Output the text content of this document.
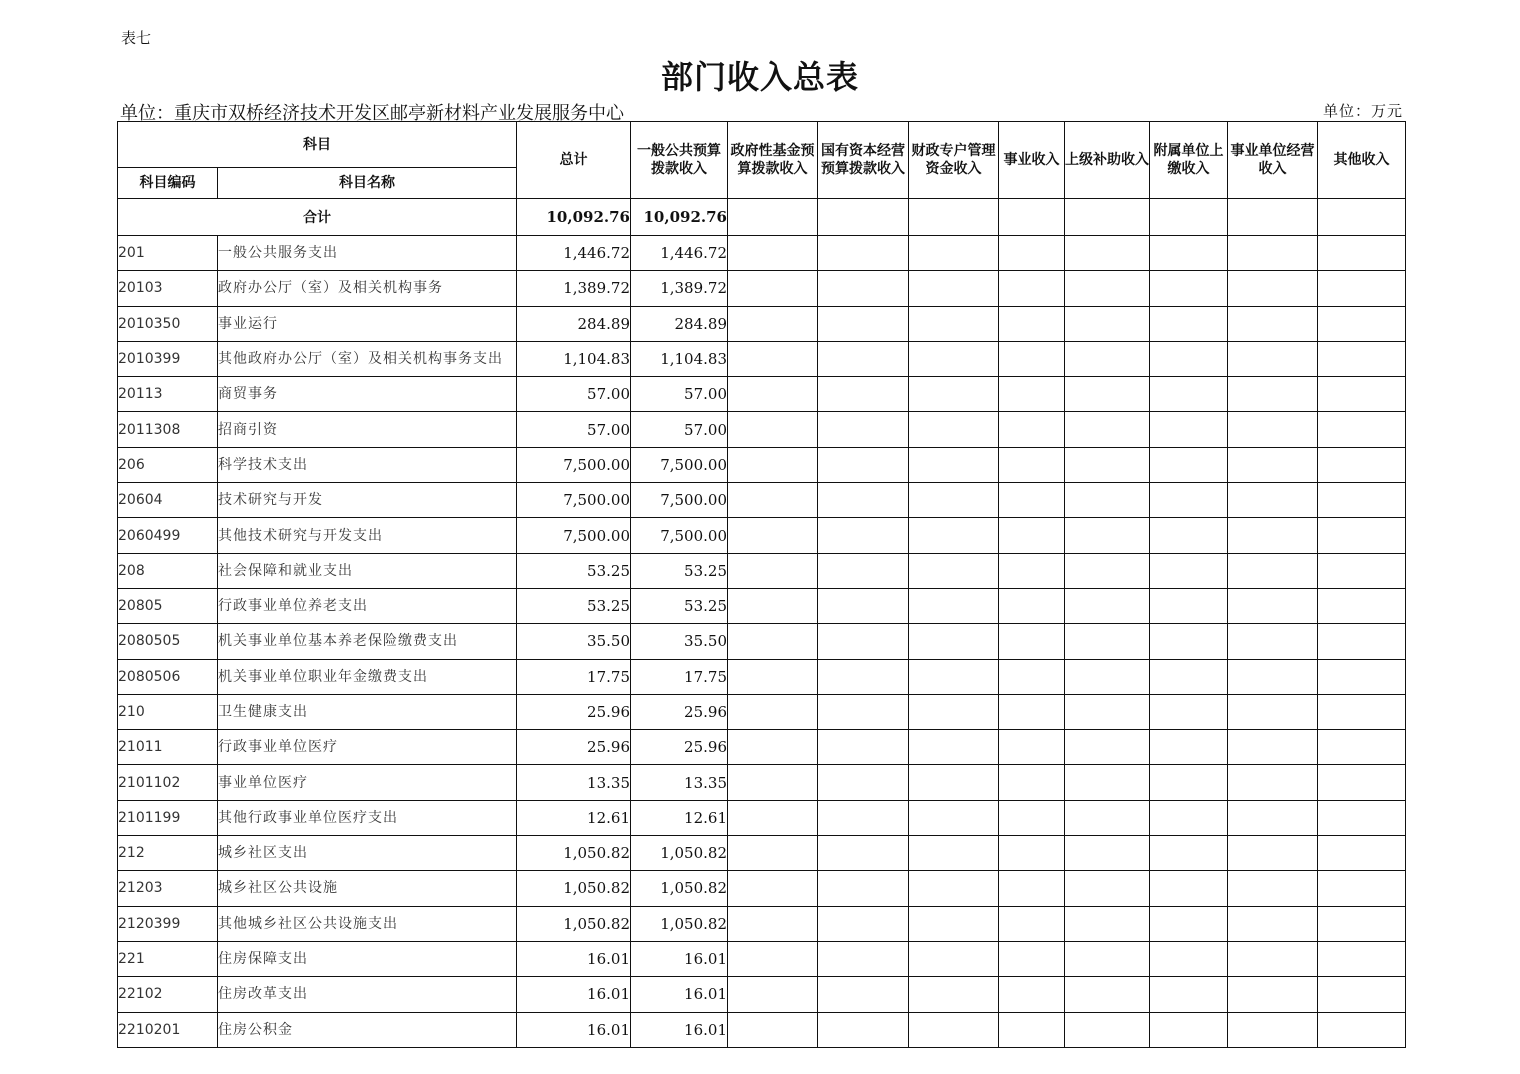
表七
部门收入总表
单位：重庆市双桥经济技术开发区邮亭新材料产业发展服务中心	单位：万元
科目		总计	一般公共预算拨款收入	政府性基金预算拨款收入	国有资本经营预算拨款收入	财政专户管理资金收入	事业收入	上级补助收入	附属单位上缴收入	事业单位经营收入	其他收入
科目编码	科目名称										
合计		10,092.76	10,092.76								
201	一般公共服务支出	1,446.72	1,446.72								
20103	政府办公厅（室）及相关机构事务	1,389.72	1,389.72								
2010350	事业运行	284.89	284.89								
2010399	其他政府办公厅（室）及相关机构事务支出	1,104.83	1,104.83								
20113	商贸事务	57.00	57.00								
2011308	招商引资	57.00	57.00								
206	科学技术支出	7,500.00	7,500.00								
20604	技术研究与开发	7,500.00	7,500.00								
2060499	其他技术研究与开发支出	7,500.00	7,500.00								
208	社会保障和就业支出	53.25	53.25								
20805	行政事业单位养老支出	53.25	53.25								
2080505	机关事业单位基本养老保险缴费支出	35.50	35.50								
2080506	机关事业单位职业年金缴费支出	17.75	17.75								
210	卫生健康支出	25.96	25.96								
21011	行政事业单位医疗	25.96	25.96								
2101102	事业单位医疗	13.35	13.35								
2101199	其他行政事业单位医疗支出	12.61	12.61								
212	城乡社区支出	1,050.82	1,050.82								
21203	城乡社区公共设施	1,050.82	1,050.82								
2120399	其他城乡社区公共设施支出	1,050.82	1,050.82								
221	住房保障支出	16.01	16.01								
22102	住房改革支出	16.01	16.01								
2210201	住房公积金	16.01	16.01								
